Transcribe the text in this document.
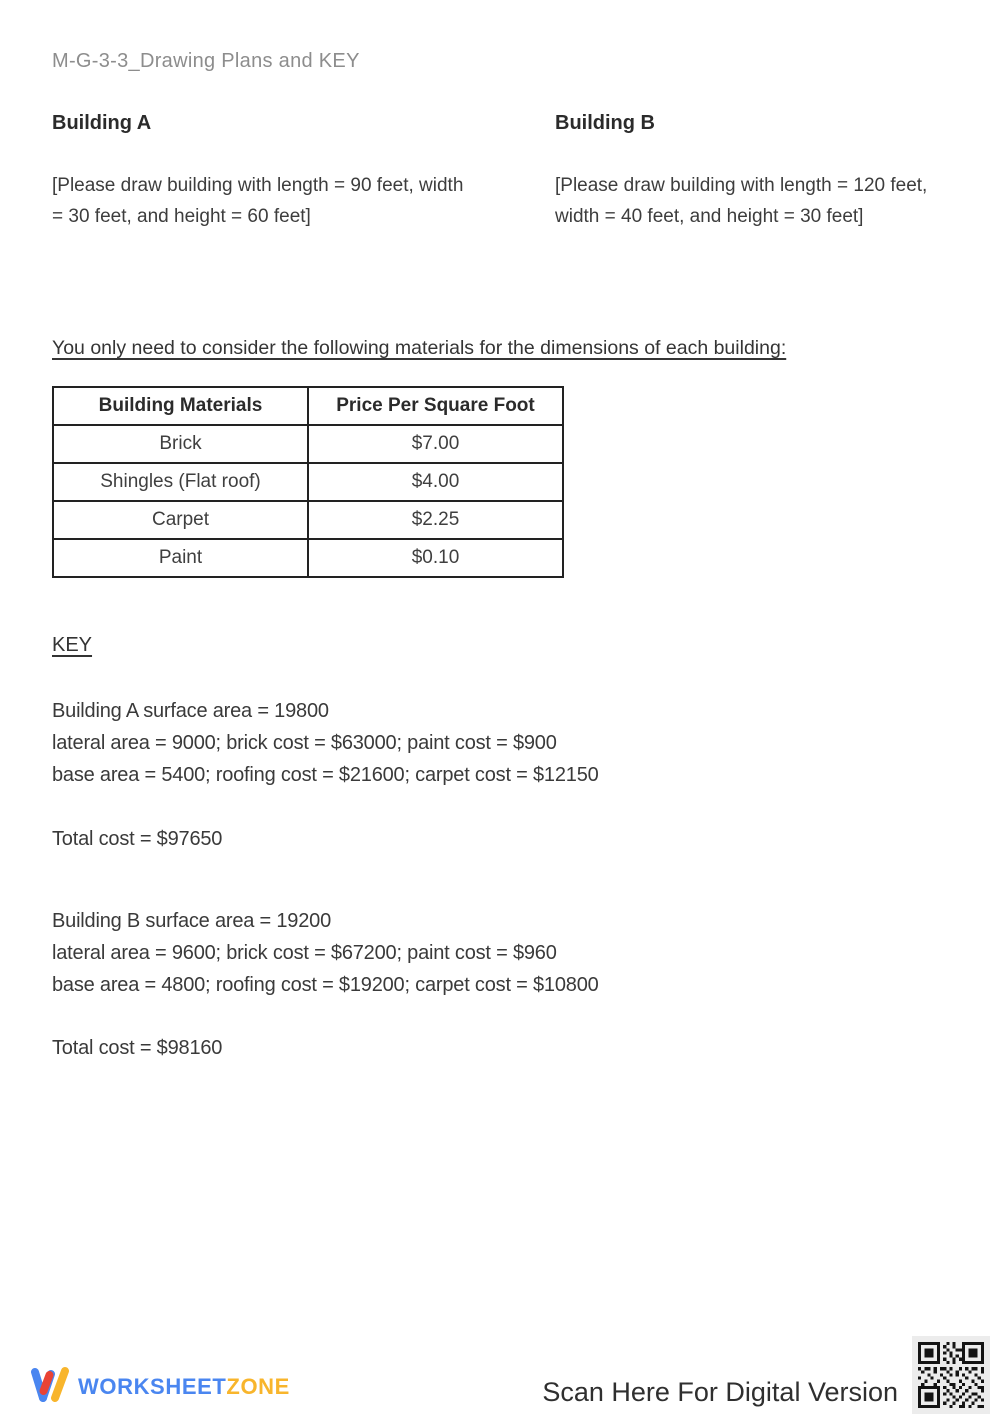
M-G-3-3_Drawing Plans and KEY
Building A

[Please draw building with length = 90 feet, width = 30 feet, and height = 60 feet]

Building B

[Please draw building with length = 120 feet, width = 40 feet, and height = 30 feet]

You only need to consider the following materials for the dimensions of each building:
Building Materials	Price Per Square Foot
Brick	$7.00
Shingles (Flat roof)	$4.00
Carpet	$2.25
Paint	$0.10
KEY
Building A surface area = 19800
lateral area = 9000; brick cost = $63000; paint cost = $900
base area = 5400; roofing cost = $21600; carpet cost = $12150
Total cost = $97650
Building B surface area = 19200
lateral area = 9600; brick cost = $67200; paint cost = $960
base area = 4800; roofing cost = $19200; carpet cost = $10800
Total cost = $98160
WORKSHEETZONE	Scan Here For Digital Version
